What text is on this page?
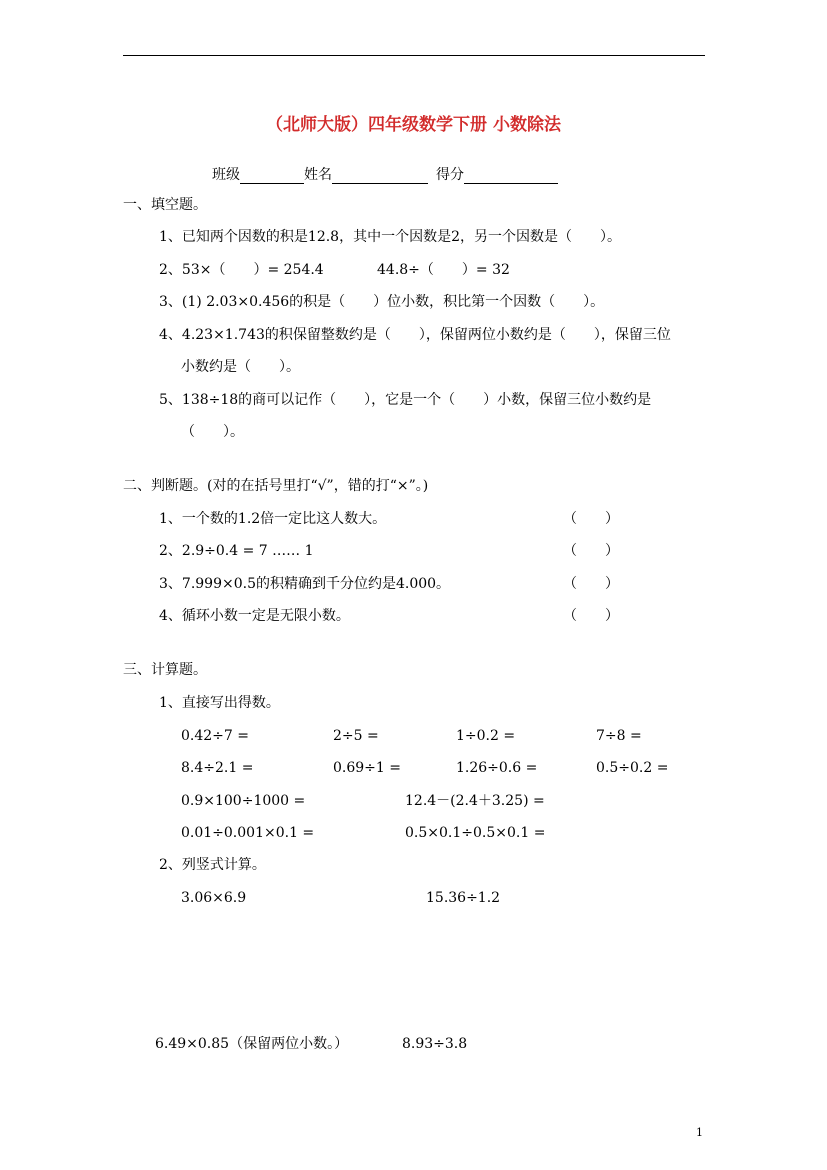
（北师大版）四年级数学下册 小数除法
班级	姓名	得分
一、填空题。
1、已知两个因数的积是12.8，其中一个因数是2，另一个因数是（　　）。
2、53×（　　）= 254.4	44.8÷（　　）= 32
3、(1) 2.03×0.456的积是（　　）位小数，积比第一个因数（　　）。
4、4.23×1.743的积保留整数约是（　　），保留两位小数约是（　　），保留三位
小数约是（　　）。
5、138÷18的商可以记作（　　），它是一个（　　）小数，保留三位小数约是
（　　）。
二、判断题。(对的在括号里打“√”，错的打“×”。)
1、一个数的1.2倍一定比这人数大。	（　　）
2、2.9÷0.4 = 7 …… 1	（　　）
3、7.999×0.5的积精确到千分位约是4.000。	（　　）
4、循环小数一定是无限小数。	（　　）
三、计算题。
1、直接写出得数。
0.42÷7 =	2÷5 =	1÷0.2 =	7÷8 =
8.4÷2.1 =	0.69÷1 =	1.26÷0.6 =	0.5÷0.2 =
0.9×100÷1000 =	12.4－(2.4＋3.25) =
0.01÷0.001×0.1 =	0.5×0.1÷0.5×0.1 =
2、列竖式计算。
3.06×6.9	15.36÷1.2
6.49×0.85（保留两位小数。）	8.93÷3.8
1
